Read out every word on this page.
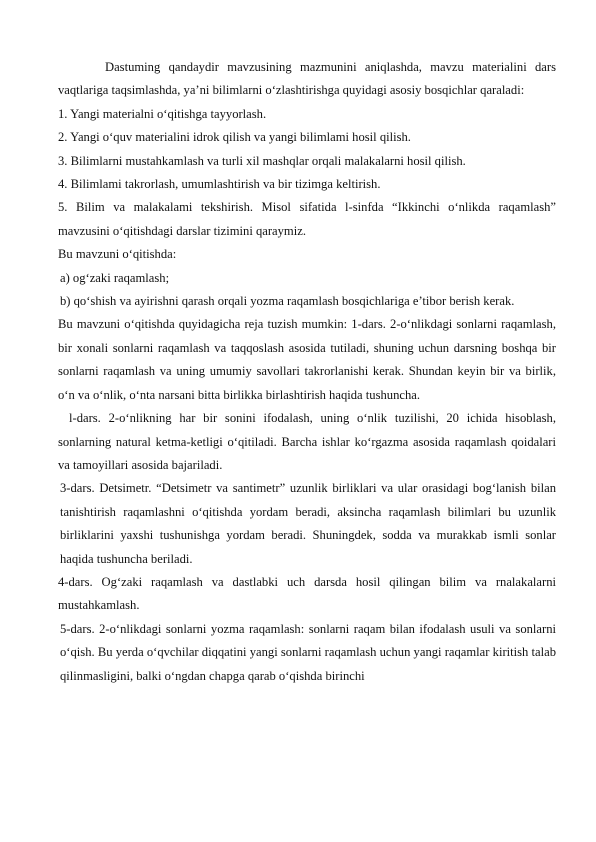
Dastuming qandaydir mavzusining mazmunini aniqlashda, mavzu materialini dars vaqtlariga taqsimlashda, ya’ni bilimlarni o‘zlashtirishga quyidagi asosiy bosqichlar qaraladi:

1. Yangi materialni o‘qitishga tayyorlash.

2. Yangi o‘quv materialini idrok qilish va yangi bilimlami hosil qilish.

3. Bilimlarni mustahkamlash va turli xil mashqlar orqali malakalarni hosil qilish.

4. Bilimlami takrorlash, umumlashtirish va bir tizimga keltirish.

5. Bilim va malakalami tekshirish. Misol sifatida l-sinfda “Ikkinchi o‘nlikda raqamlash” mavzusini o‘qitishdagi darslar tizimini qaraymiz.

Bu mavzuni o‘qitishda:

a) og‘zaki raqamlash;

b) qo‘shish va ayirishni qarash orqali yozma raqamlash bosqichlariga e’tibor berish kerak.

Bu mavzuni o‘qitishda quyidagicha reja tuzish mumkin: 1-dars. 2-o‘nlikdagi sonlarni raqamlash, bir xonali sonlarni raqamlash va taqqoslash asosida tutiladi, shuning uchun darsning boshqa bir sonlarni raqamlash va uning umumiy savollari takrorlanishi kerak. Shundan keyin bir va birlik, o‘n va o‘nlik, o‘nta narsani bitta birlikka birlashtirish haqida tushuncha.

l-dars. 2-o‘nlikning har bir sonini ifodalash, uning o‘nlik tuzilishi, 20 ichida hisoblash, sonlarning natural ketma-ketligi o‘qitiladi. Barcha ishlar ko‘rgazma asosida raqamlash qoidalari va tamoyillari asosida bajariladi.

3-dars. Detsimetr. “Detsimetr va santimetr” uzunlik birliklari va ular orasidagi bog‘lanish bilan tanishtirish raqamlashni o‘qitishda yordam beradi, aksincha raqamlash bilimlari bu uzunlik birliklarini yaxshi tushunishga yordam beradi. Shuningdek, sodda va murakkab ismli sonlar haqida tushuncha beriladi.

4-dars. Og‘zaki raqamlash va dastlabki uch darsda hosil qilingan bilim va rnalakalarni mustahkamlash.

5-dars. 2-o‘nlikdagi sonlarni yozma raqamlash: sonlarni raqam bilan ifodalash usuli va sonlarni o‘qish. Bu yerda o‘qvchilar diqqatini yangi sonlarni raqamlash uchun yangi raqamlar kiritish talab qilinmasligini, balki o‘ngdan chapga qarab o‘qishda birinchi
